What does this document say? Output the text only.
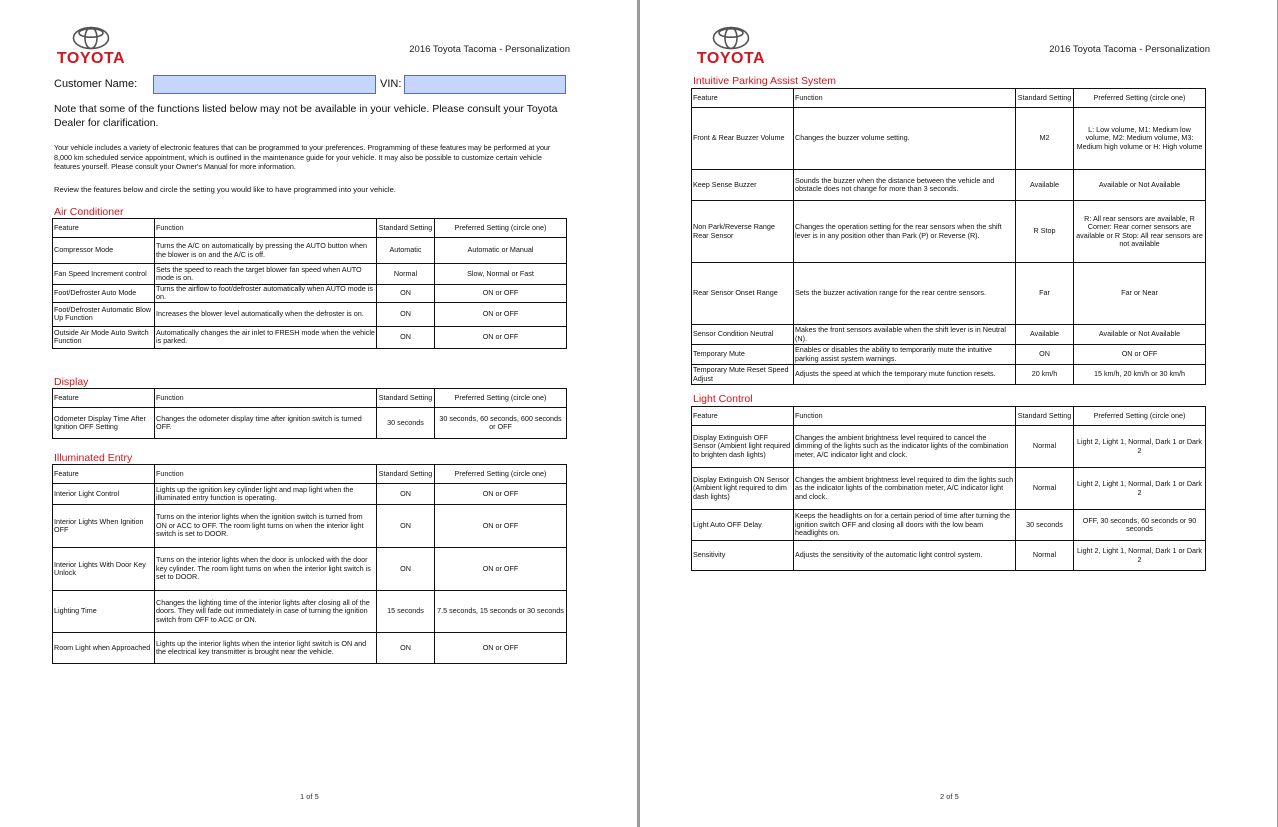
TOYOTA
2016 Toyota Tacoma - Personalization
Customer Name:	VIN:
Note that some of the functions listed below may not be available in your vehicle. Please consult your Toyota Dealer for clarification.
Your vehicle includes a variety of electronic features that can be programmed to your preferences. Programming of these features may be performed at your 8,000 km scheduled service appointment, which is outlined in the maintenance guide for your vehicle. It may also be possible to customize certain vehicle features yourself. Please consult your Owner's Manual for more information.
Review the features below and circle the setting you would like to have programmed into your vehicle.
Air Conditioner
Feature	Function	Standard Setting	Preferred Setting (circle one)
Compressor Mode	Turns the A/C on automatically by pressing the AUTO button when the blower is on and the A/C is off.	Automatic	Automatic or Manual
Fan Speed Increment control	Sets the speed to reach the target blower fan speed when AUTO mode is on.	Normal	Slow, Normal or Fast
Foot/Defroster Auto Mode	Turns the airflow to foot/defroster automatically when AUTO mode is on.	ON	ON or OFF
Foot/Defroster Automatic Blow Up Function	Increases the blower level automatically when the defroster is on.	ON	ON or OFF
Outside Air Mode Auto Switch Function	Automatically changes the air inlet to FRESH mode when the vehicle is parked.	ON	ON or OFF
Display
Feature	Function	Standard Setting	Preferred Setting (circle one)
Odometer Display Time After Ignition OFF Setting	Changes the odometer display time after ignition switch is turned OFF.	30 seconds	30 seconds, 60 seconds, 600 seconds or OFF
Illuminated Entry
Feature	Function	Standard Setting	Preferred Setting (circle one)
Interior Light Control	Lights up the ignition key cylinder light and map light when the illuminated entry function is operating.	ON	ON or OFF
Interior Lights When Ignition OFF	Turns on the interior lights when the ignition switch is turned from ON or ACC to OFF. The room light turns on when the interior light switch is set to DOOR.	ON	ON or OFF
Interior Lights With Door Key Unlock	Turns on the interior lights when the door is unlocked with the door key cylinder. The room light turns on when the interior light switch is set to DOOR.	ON	ON or OFF
Lighting Time	Changes the lighting time of the interior lights after closing all of the doors. They will fade out immediately in case of turning the ignition switch from OFF to ACC or ON.	15 seconds	7.5 seconds, 15 seconds or 30 seconds
Room Light when Approached	Lights up the interior lights when the interior light switch is ON and the electrical key transmitter is brought near the vehicle.	ON	ON or OFF
1 of 5
TOYOTA
2016 Toyota Tacoma - Personalization
Intuitive Parking Assist System
Feature	Function	Standard Setting	Preferred Setting (circle one)
Front & Rear Buzzer Volume	Changes the buzzer volume setting.	M2	L: Low volume, M1: Medium low volume, M2: Medium volume, M3: Medium high volume or H: High volume
Keep Sense Buzzer	Sounds the buzzer when the distance between the vehicle and obstacle does not change for more than 3 seconds.	Available	Available or Not Available
Non Park/Reverse Range Rear Sensor	Changes the operation setting for the rear sensors when the shift lever is in any position other than Park (P) or Reverse (R).	R Stop	R: All rear sensors are available, R Corner: Rear corner sensors are available or R Stop: All rear sensors are not available
Rear Sensor Onset Range	Sets the buzzer activation range for the rear centre sensors.	Far	Far or Near
Sensor Condition Neutral	Makes the front sensors available when the shift lever is in Neutral (N).	Available	Available or Not Available
Temporary Mute	Enables or disables the ability to temporarily mute the intuitive parking assist system warnings.	ON	ON or OFF
Temporary Mute Reset Speed Adjust	Adjusts the speed at which the temporary mute function resets.	20 km/h	15 km/h, 20 km/h or 30 km/h
Light Control
Feature	Function	Standard Setting	Preferred Setting (circle one)
Display Extinguish OFF Sensor (Ambient light required to brighten dash lights)	Changes the ambient brightness level required to cancel the dimming of the lights such as the indicator lights of the combination meter, A/C indicator light and clock.	Normal	Light 2, Light 1, Normal, Dark 1 or Dark 2
Display Extinguish ON Sensor (Ambient light required to dim dash lights)	Changes the ambient brightness level required to dim the lights such as the indicator lights of the combination meter, A/C indicator light and clock.	Normal	Light 2, Light 1, Normal, Dark 1 or Dark 2
Light Auto OFF Delay	Keeps the headlights on for a certain period of time after turning the ignition switch OFF and closing all doors with the low beam headlights on.	30 seconds	OFF, 30 seconds, 60 seconds or 90 seconds
Sensitivity	Adjusts the sensitivity of the automatic light control system.	Normal	Light 2, Light 1, Normal, Dark 1 or Dark 2
2 of 5
